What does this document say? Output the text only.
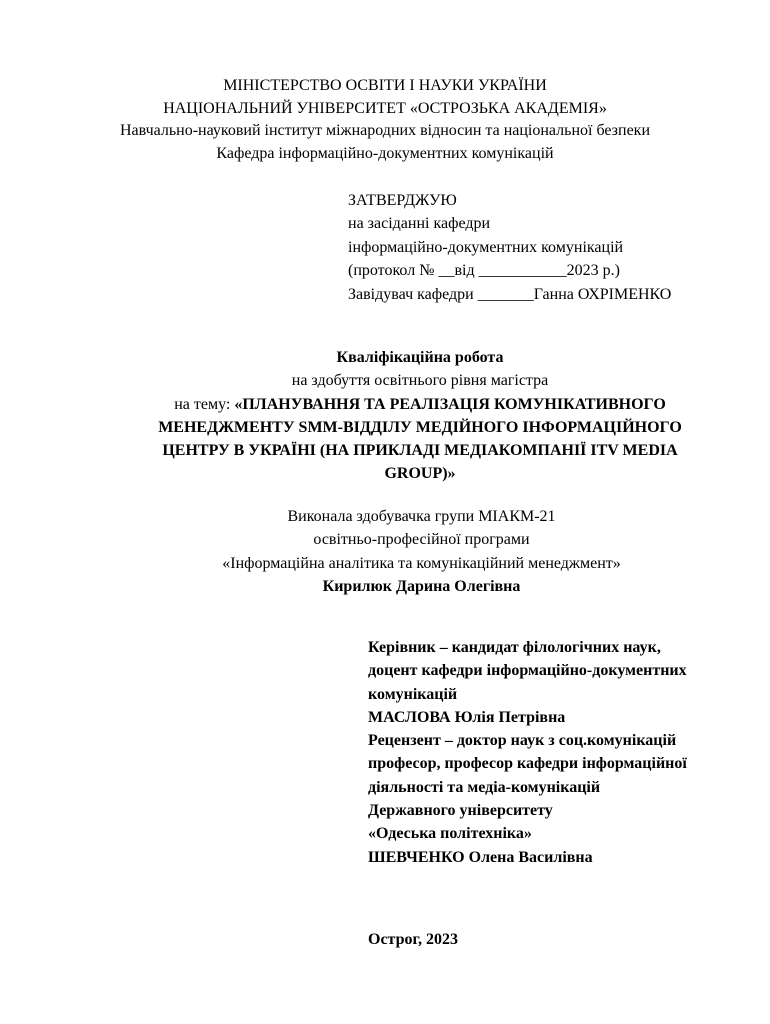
МІНІСТЕРСТВО ОСВІТИ І НАУКИ УКРАЇНИ
НАЦІОНАЛЬНИЙ УНІВЕРСИТЕТ «ОСТРОЗЬКА АКАДЕМІЯ»
Навчально-науковий інститут міжнародних відносин та національної безпеки
Кафедра інформаційно-документних комунікацій
ЗАТВЕРДЖУЮ
на засіданні кафедри
інформаційно-документних комунікацій
(протокол № __від ___________2023 р.)
Завідувач кафедри _______Ганна ОХРІМЕНКО
Кваліфікаційна робота
на здобуття освітнього рівня магістра
на тему: «ПЛАНУВАННЯ ТА РЕАЛІЗАЦІЯ КОМУНІКАТИВНОГО
МЕНЕДЖМЕНТУ SMM-ВІДДІЛУ МЕДІЙНОГО ІНФОРМАЦІЙНОГО
ЦЕНТРУ В УКРАЇНІ (НА ПРИКЛАДІ МЕДІАКОМПАНІЇ ITV MEDIA
GROUP)»
Виконала здобувачка групи МІАКМ-21
освітньо-професійної програми
«Інформаційна аналітика та комунікаційний менеджмент»
Кирилюк Дарина Олегівна
Керівник – кандидат філологічних наук,
доцент кафедри інформаційно-документних
комунікацій
МАСЛОВА Юлія Петрівна
Рецензент – доктор наук з соц.комунікацій
професор, професор кафедри інформаційної
діяльності та медіа-комунікацій
Державного університету
«Одеська політехніка»
ШЕВЧЕНКО Олена Василівна
Острог, 2023
